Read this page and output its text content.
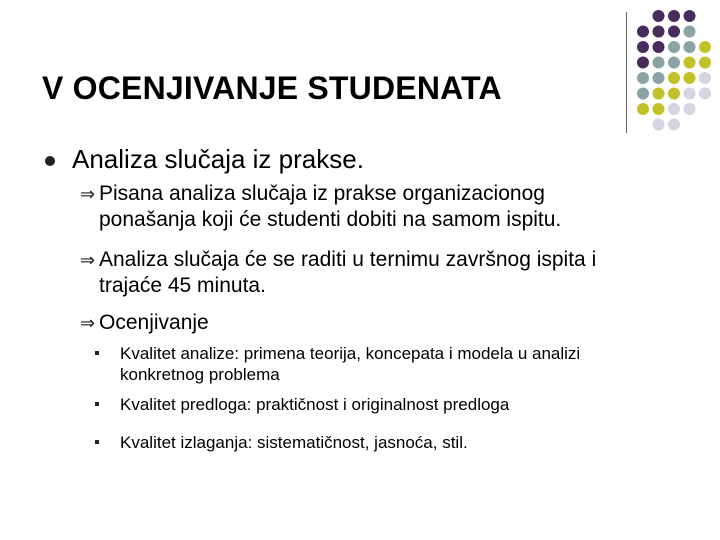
V OCENJIVANJE STUDENATA
Analiza slučaja iz prakse.
⇒ Pisana analiza slučaja iz prakse organizacionog
ponašanja koji će studenti dobiti na samom ispitu.
⇒ Analiza slučaja će se raditi u ternimu završnog ispita i
trajaće 45 minuta.
⇒ Ocenjivanje
Kvalitet analize: primena teorija, koncepata i modela u analizi
konkretnog problema
Kvalitet predloga: praktičnost i originalnost predloga
Kvalitet izlaganja: sistematičnost, jasnoća, stil.
